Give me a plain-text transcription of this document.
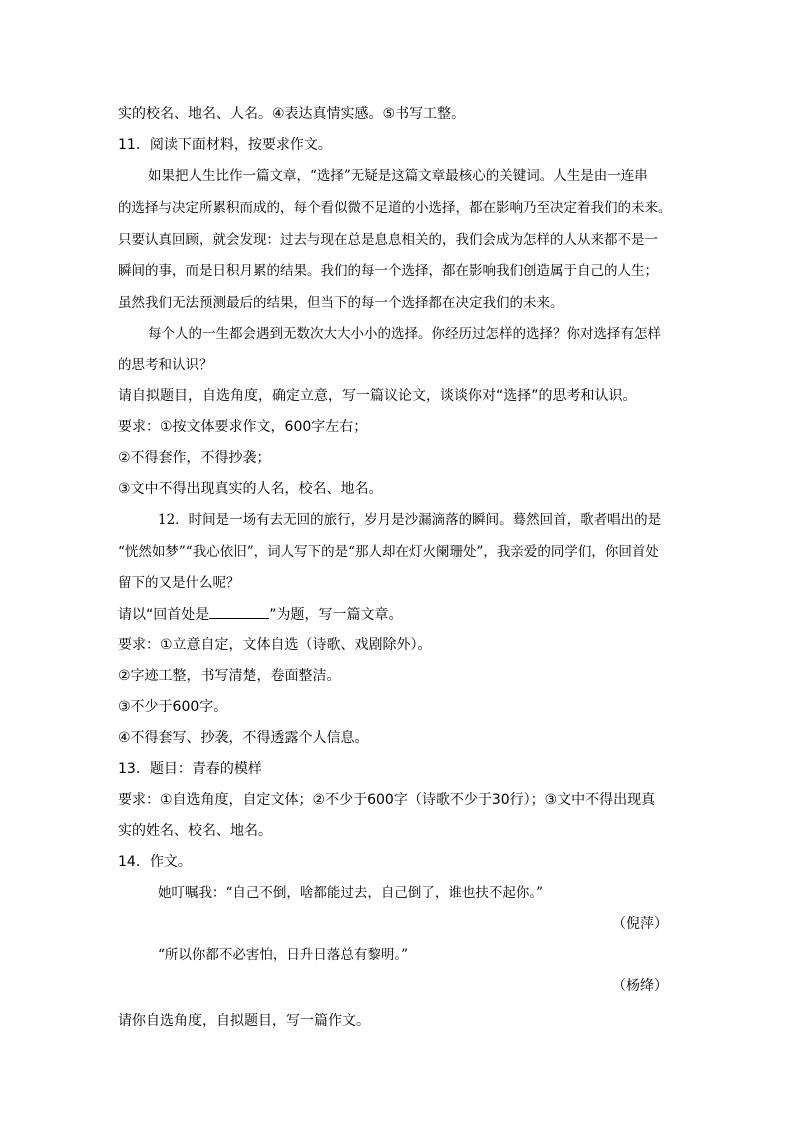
实的校名、地名、人名。④表达真情实感。⑤书写工整。
11．阅读下面材料，按要求作文。
如果把人生比作一篇文章，“选择”无疑是这篇文章最核心的关键词。人生是由一连串
的选择与决定所累积而成的，每个看似微不足道的小选择，都在影响乃至决定着我们的未来。
只要认真回顾，就会发现：过去与现在总是息息相关的，我们会成为怎样的人从来都不是一
瞬间的事，而是日积月累的结果。我们的每一个选择，都在影响我们创造属于自己的人生；
虽然我们无法预测最后的结果，但当下的每一个选择都在决定我们的未来。
每个人的一生都会遇到无数次大大小小的选择。你经历过怎样的选择？你对选择有怎样
的思考和认识？
请自拟题目，自选角度，确定立意，写一篇议论文，谈谈你对“选择”的思考和认识。
要求：①按文体要求作文，600字左右；
②不得套作，不得抄袭；
③文中不得出现真实的人名，校名、地名。
12．时间是一场有去无回的旅行，岁月是沙漏滴落的瞬间。蓦然回首，歌者唱出的是
“恍然如梦”“我心依旧”，词人写下的是“那人却在灯火阑珊处”，我亲爱的同学们，你回首处
留下的又是什么呢？
请以“回首处是	”为题，写一篇文章。
要求：①立意自定，文体自选（诗歌、戏剧除外）。
②字迹工整，书写清楚，卷面整洁。
③不少于600字。
④不得套写、抄袭，不得透露个人信息。
13．题目：青春的模样
要求：①自选角度，自定文体；②不少于600字（诗歌不少于30行）；③文中不得出现真
实的姓名、校名、地名。
14．作文。
她叮嘱我：“自己不倒，啥都能过去，自己倒了，谁也扶不起你。”
（倪萍）
“所以你都不必害怕，日升日落总有黎明。”
（杨绛）
请你自选角度，自拟题目，写一篇作文。
